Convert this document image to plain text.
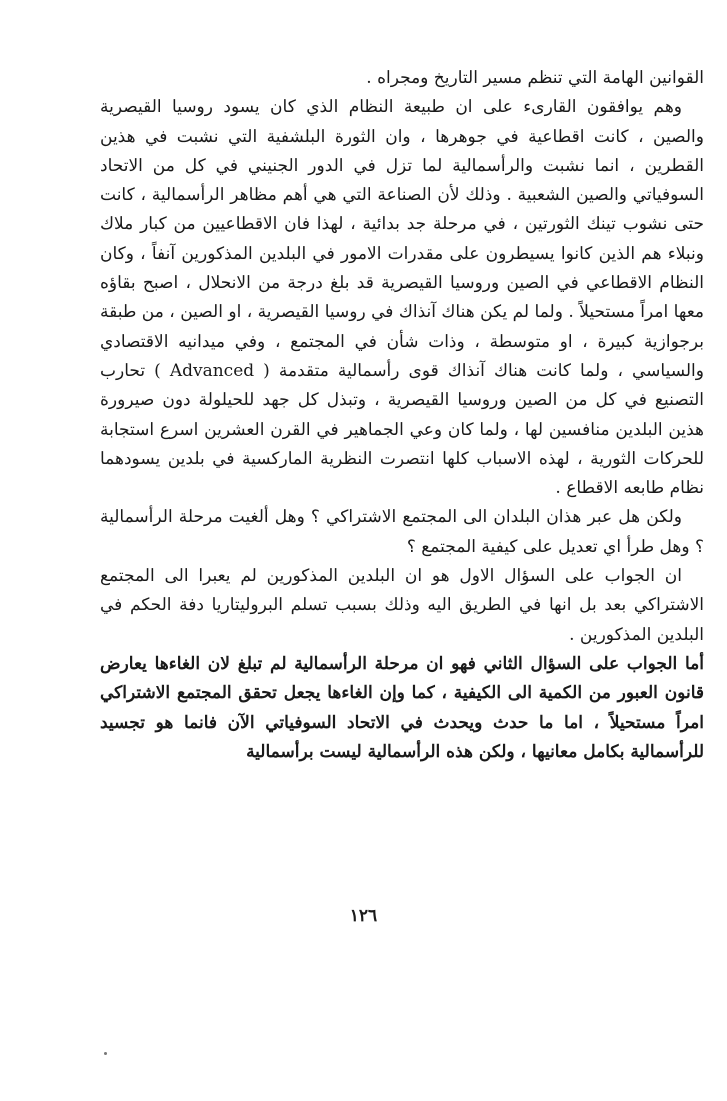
القوانين الهامة التي تنظم مسير التاريخ ومجراه .

وهم يوافقون القارىء على ان طبيعة النظام الذي كان يسود روسيا القيصرية والصين ، كانت اقطاعية في جوهرها ، وان الثورة البلشفية التي نشبت في هذين القطرين ، انما نشبت والرأسمالية لما تزل في الدور الجنيني في كل من الاتحاد السوفياتي والصين الشعبية . وذلك لأن الصناعة التي هي أهم مظاهر الرأسمالية ، كانت حتى نشوب تينك الثورتين ، في مرحلة جد بدائية ، لهذا فان الاقطاعيين من كبار ملاك ونبلاء هم الذين كانوا يسيطرون على مقدرات الامور في البلدين المذكورين آنفاً ، وكان النظام الاقطاعي في الصين وروسيا القيصرية قد بلغ درجة من الانحلال ، اصبح بقاؤه معها امراً مستحيلاً . ولما لم يكن هناك آنذاك في روسيا القيصرية ، او الصين ، من طبقة برجوازية كبيرة ، او متوسطة ، وذات شأن في المجتمع ، وفي ميدانيه الاقتصادي والسياسي ، ولما كانت هناك آنذاك قوى رأسمالية متقدمة ( Advanced ) تحارب التصنيع في كل من الصين وروسيا القيصرية ، وتبذل كل جهد للحيلولة دون صيرورة هذين البلدين منافسين لها ، ولما كان وعي الجماهير في القرن العشرين اسرع استجابة للحركات الثورية ، لهذه الاسباب كلها انتصرت النظرية الماركسية في بلدين يسودهما نظام طابعه الاقطاع .

ولكن هل عبر هذان البلدان الى المجتمع الاشتراكي ؟ وهل ألغيت مرحلة الرأسمالية ؟ وهل طرأ اي تعديل على كيفية المجتمع ؟

ان الجواب على السؤال الاول هو ان البلدين المذكورين لم يعبرا الى المجتمع الاشتراكي بعد بل انها في الطريق اليه وذلك بسبب تسلم البروليتاريا دفة الحكم في البلدين المذكورين .

أما الجواب على السؤال الثاني فهو ان مرحلة الرأسمالية لم تبلغ لان الغاءها يعارض قانون العبور من الكمية الى الكيفية ، كما وإن الغاءها يجعل تحقق المجتمع الاشتراكي امراً مستحيلاً ، اما ما حدث ويحدث في الاتحاد السوفياتي الآن فانما هو تجسيد للرأسمالية بكامل معانيها ، ولكن هذه الرأسمالية ليست برأسمالية

١٢٦
